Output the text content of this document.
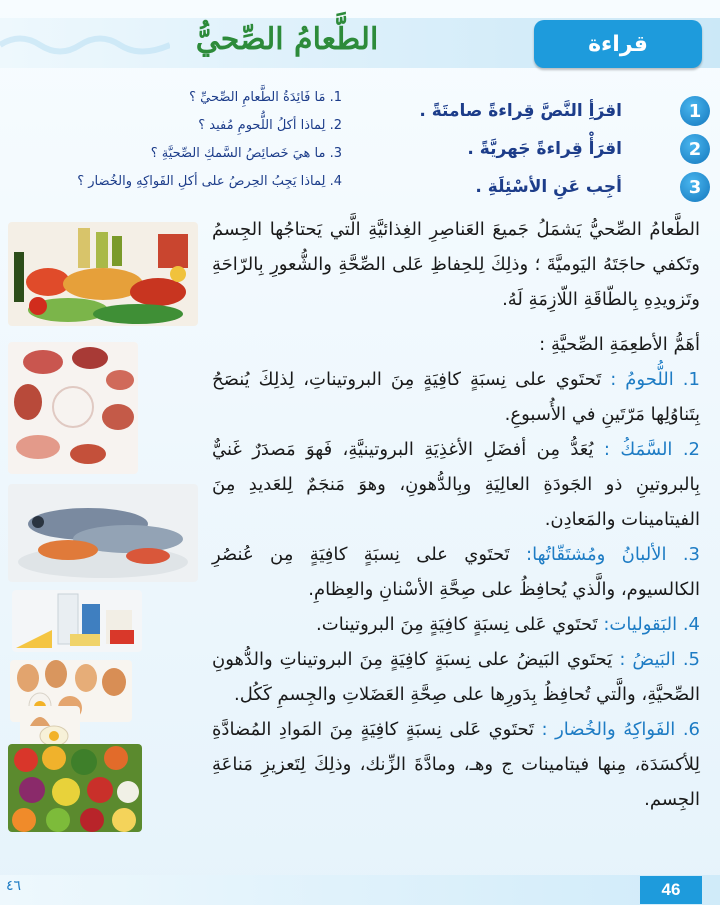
قراءة
الطَّعامُ الصِّحيُّ
1
اقرَأِ النَّصَّ قِراءةً صامتَةً .
2
اقرَأْ قِراءةً جَهريَّةً .
3
أجِب عَنِ الأسْئِلَةِ .
1. مَا فَائِدَةُ الطَّعامِ الصِّحيِّ ؟
2. لِماذا أكلُ اللُّحومِ مُفيد ؟
3. ما هيَ خَصائِصُ السَّمكِ الصِّحيَّةِ ؟
4. لِماذا يَجِبُ الحِرصُ على أكلِ الفَواكِهِ والخُضار ؟
الطَّعامُ الصِّحيُّ يَشمَلُ جَميعَ العَناصِرِ الغِذائيَّةِ الَّتي يَحتاجُها الجِسمُ وتَكفي حاجَتَهُ اليَوميَّةَ ؛ وذلِكَ لِلحِفاظِ عَلى الصِّحَّةِ والشُّعورِ بِالرّاحَةِ وتَزويدِهِ بِالطّاقَةِ اللّازِمَةِ لَهُ.
أهَمُّ الأطعِمَةِ الصِّحيَّةِ :
1. اللُّحومُ : تَحتَوي على نِسبَةٍ كافِيَةٍ مِنَ البروتيناتِ، لِذلِكَ يُنصَحُ بِتَناوُلِها مَرّتَينِ في الأُسبوعِ.
2. السَّمَكُ : يُعَدُّ مِن أفضَلِ الأغذِيَةِ البروتينيَّةِ، فَهوَ مَصدَرٌ غَنيٌّ بِالبروتينِ ذو الجَودَةِ العالِيَةِ وبِالدُّهونِ، وهوَ مَنجَمٌ لِلعَديدِ مِنَ الفيتامينات والمَعادِن.
3. الألبانُ ومُشتَقّاتُها: تَحتَوي على نِسبَةٍ كافِيَةٍ مِن عُنصُرِ الكالسيوم، والَّذي يُحافِظُ على صِحَّةِ الأسْنانِ والعِظامِ.
4. البَقوليات: تَحتَوي عَلى نِسبَةٍ كافِيَةٍ مِنَ البروتينات.
5. البَيضُ : يَحتَوي البَيضُ على نِسبَةٍ كافِيَةٍ مِنَ البروتيناتِ والدُّهونِ الصِّحيَّةِ، والَّتي تُحافِظُ بِدَورِها على صِحَّةِ العَضَلاتِ والجِسمِ كَكُل.
6. الفَواكِهُ والخُضار : تَحتَوي عَلى نِسبَةٍ كافِيَةٍ مِنَ المَوادِ المُضادَّةِ لِلأكسَدَة، مِنها فيتامينات ج وهـ، ومادَّةَ الزِّنك، وذلِكَ لِتَعزيزِ مَناعَةِ الجِسم.
46
٤٦
